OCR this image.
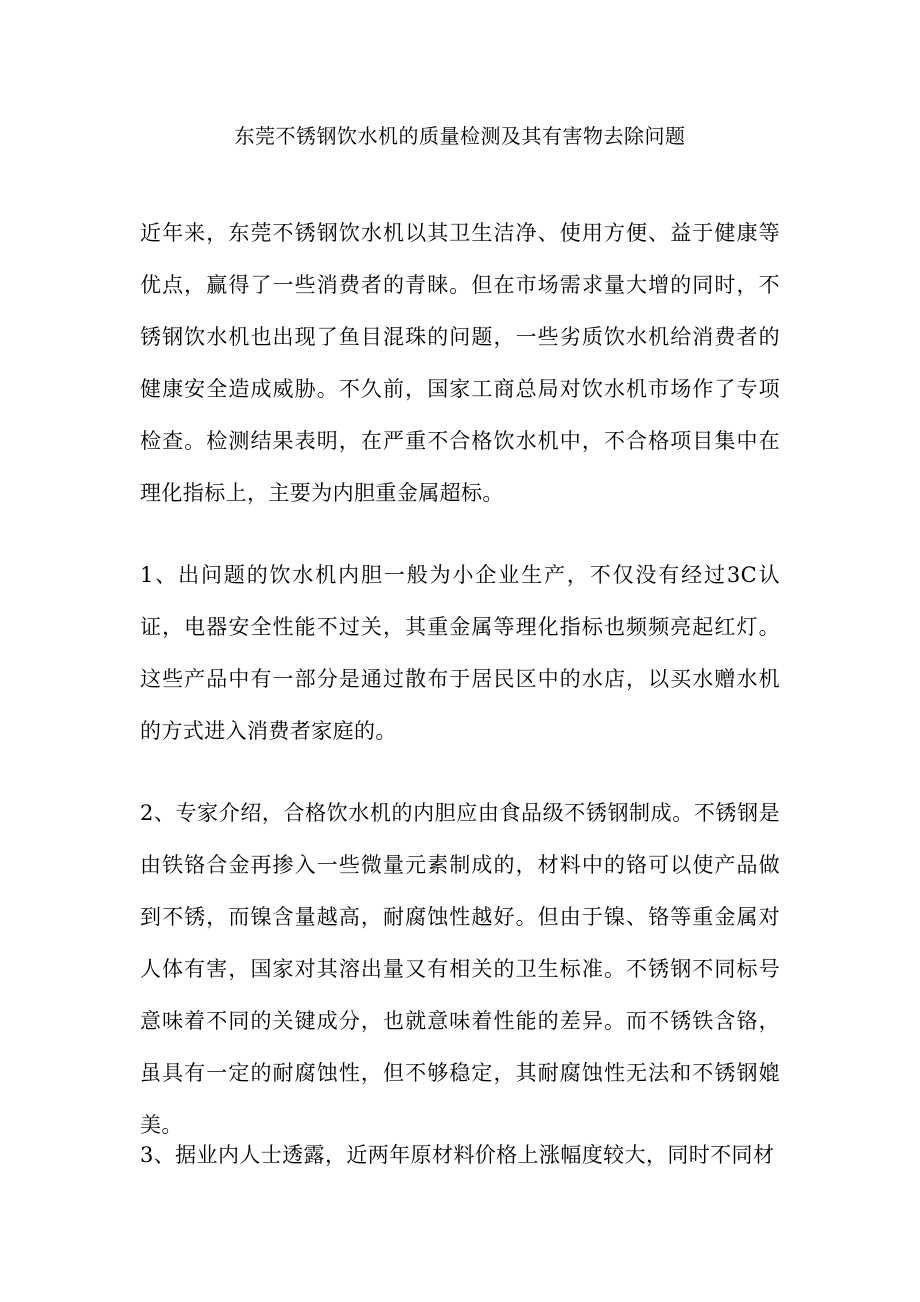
东莞不锈钢饮水机的质量检测及其有害物去除问题

近年来，东莞不锈钢饮水机以其卫生洁净、使用方便、益于健康等优点，赢得了一些消费者的青睐。但在市场需求量大增的同时，不锈钢饮水机也出现了鱼目混珠的问题，一些劣质饮水机给消费者的健康安全造成威胁。不久前，国家工商总局对饮水机市场作了专项检查。检测结果表明，在严重不合格饮水机中，不合格项目集中在理化指标上，主要为内胆重金属超标。

1、出问题的饮水机内胆一般为小企业生产，不仅没有经过3C认证，电器安全性能不过关，其重金属等理化指标也频频亮起红灯。这些产品中有一部分是通过散布于居民区中的水店，以买水赠水机的方式进入消费者家庭的。

2、专家介绍，合格饮水机的内胆应由食品级不锈钢制成。不锈钢是由铁铬合金再掺入一些微量元素制成的，材料中的铬可以使产品做到不锈，而镍含量越高，耐腐蚀性越好。但由于镍、铬等重金属对人体有害，国家对其溶出量又有相关的卫生标准。不锈钢不同标号意味着不同的关键成分，也就意味着性能的差异。而不锈铁含铬，虽具有一定的耐腐蚀性，但不够稳定，其耐腐蚀性无法和不锈钢媲美。

3、据业内人士透露，近两年原材料价格上涨幅度较大，同时不同材
